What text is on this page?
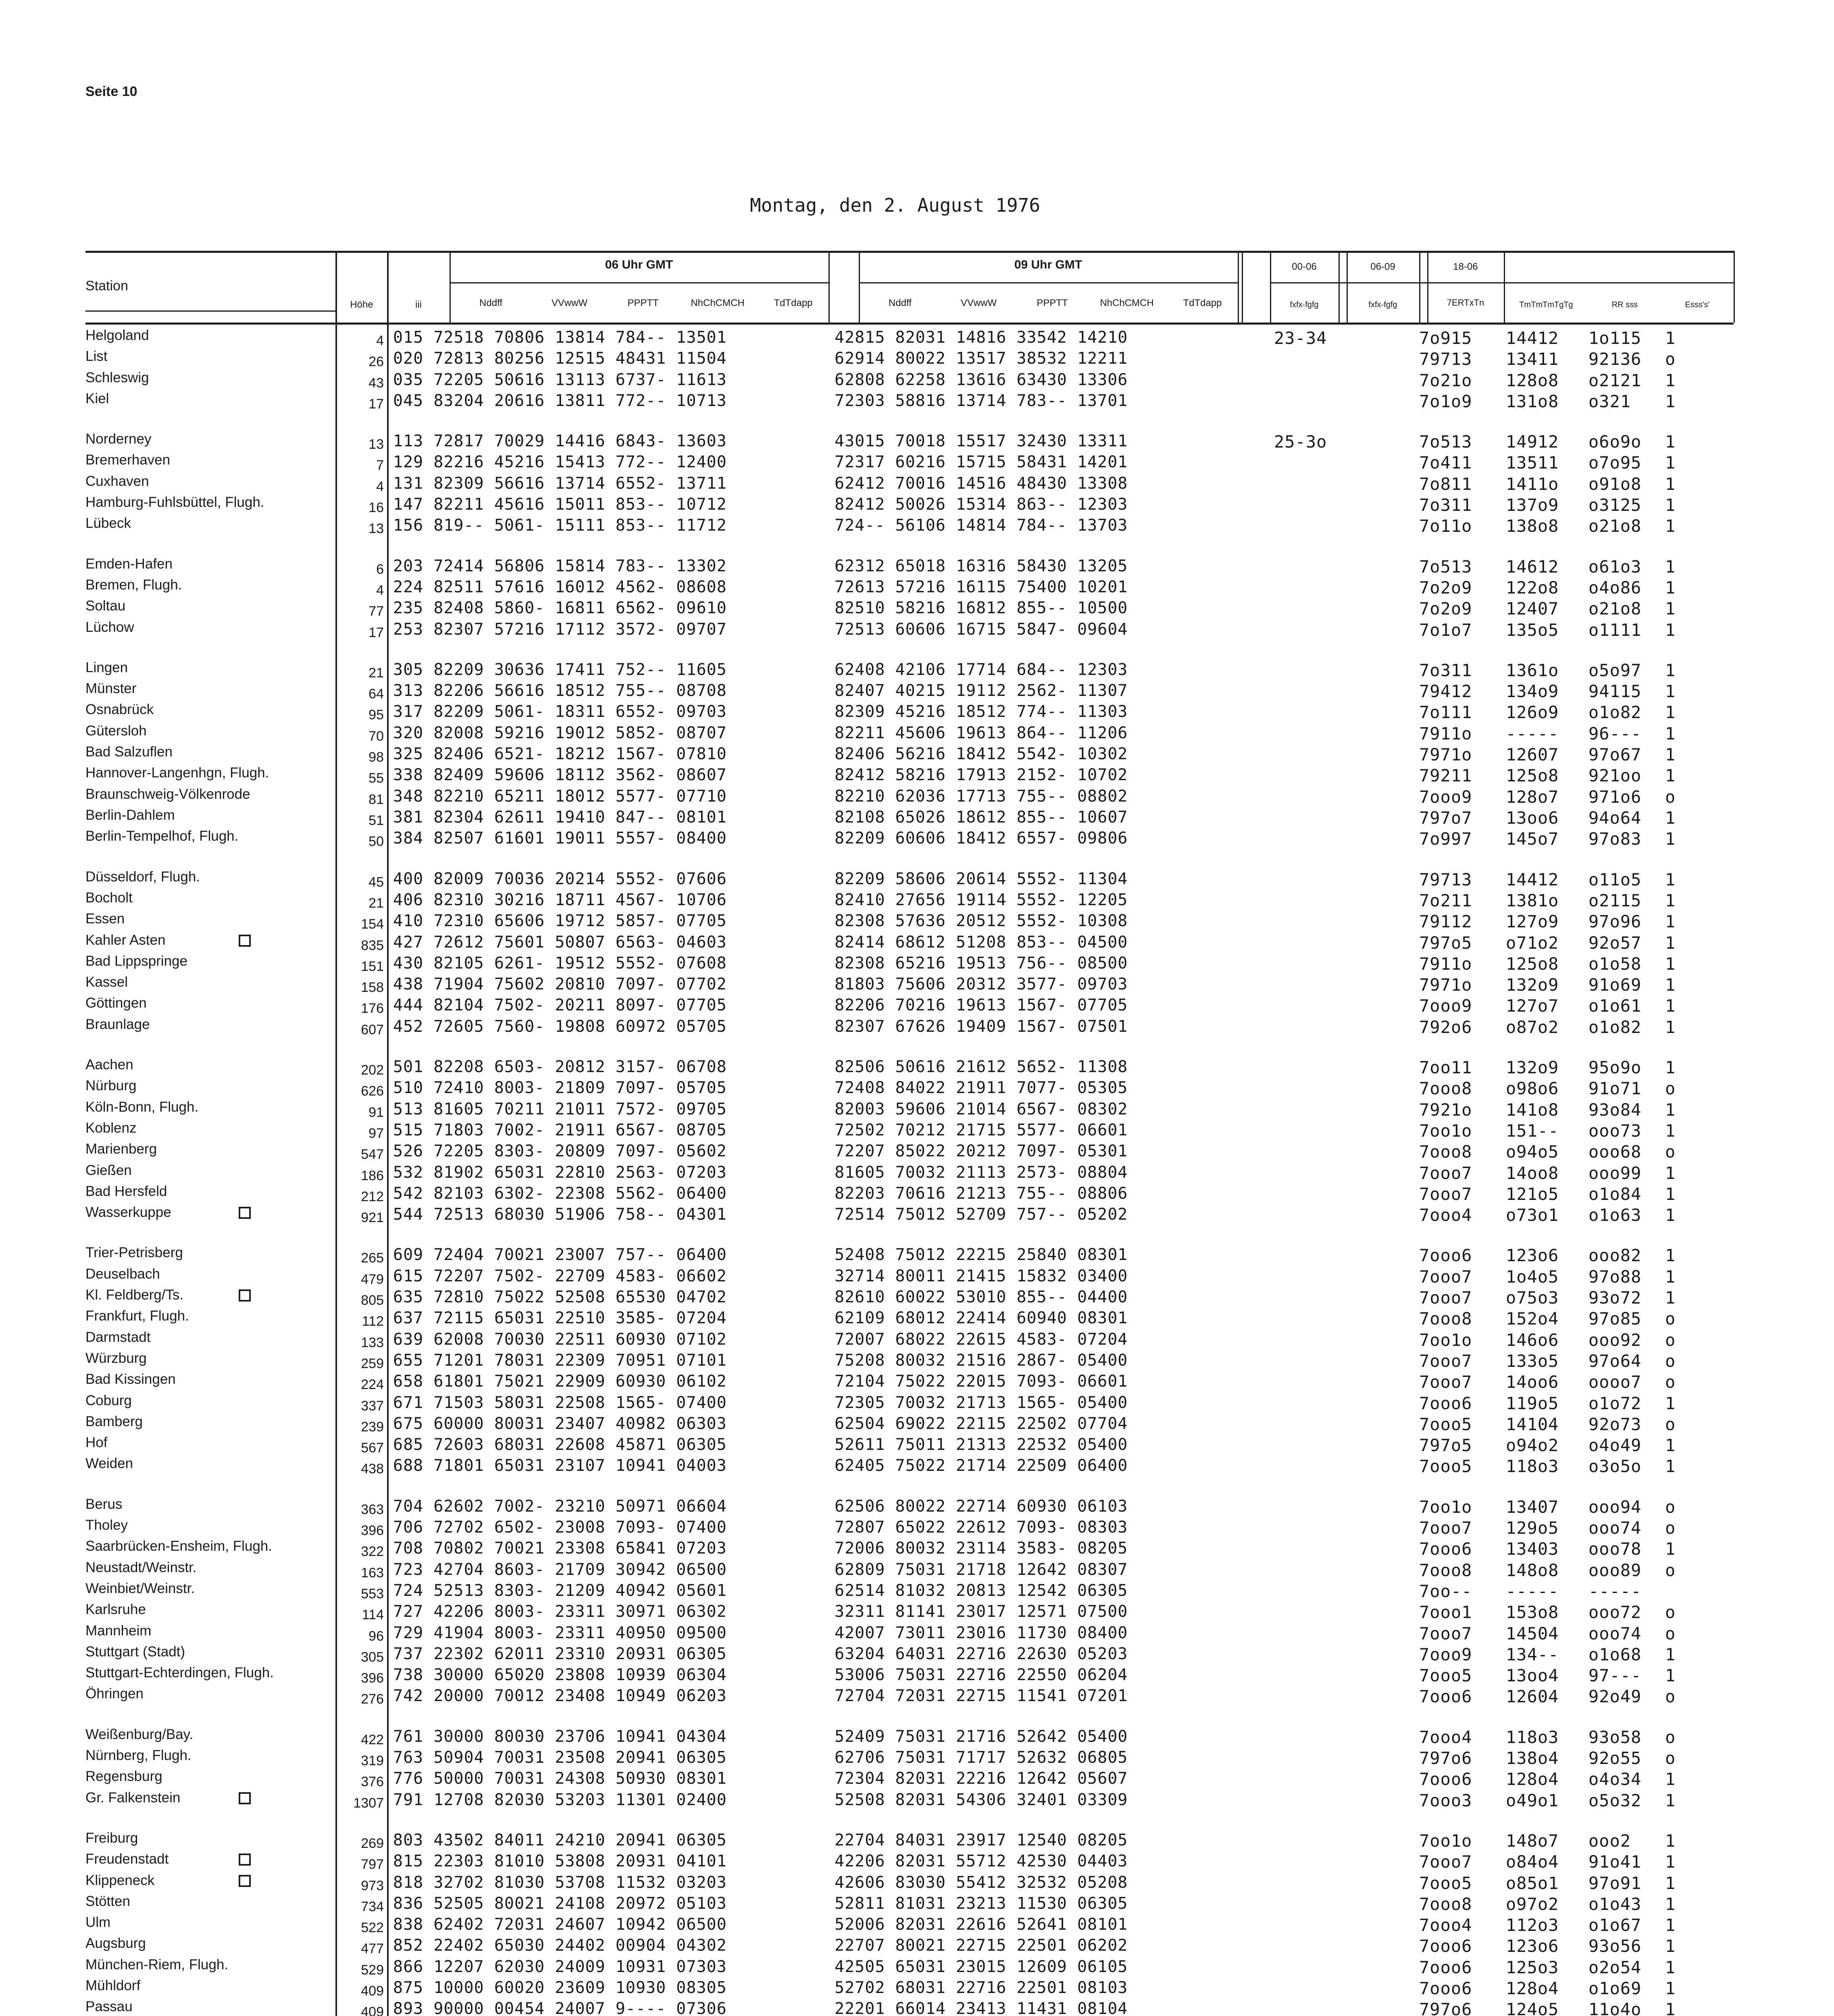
Seite 10
Montag, den 2. August 1976
Station
Höhe	iii
06 Uhr GMT
Nddff	VVwwW	PPPTT	NhChCMCH	TdTdapp
09 Uhr GMT
Nddff	VVwwW	PPPTT	NhChCMCH	TdTdapp
00-06	06-09	18-06
fxfx-fgfg	fxfx-fgfg	7ERTxTn	TmTmTmTgTg	RR sss	Esss's'
Helgoland	4 015 72518 70806 13814 784-- 13501	42815 82031 14816 33542 14210	23-34	7o915 14412 1o115 1
List	26 020 72813 80256 12515 48431 11504	62914 80022 13517 38532 12211	79713 13411 92136 o
Schleswig	43 035 72205 50616 13113 6737- 11613	62808 62258 13616 63430 13306	7o21o 128o8 o2121 1
Kiel	17 045 83204 20616 13811 772-- 10713	72303 58816 13714 783-- 13701	7o1o9 131o8 o321 1
Norderney	13 113 72817 70029 14416 6843- 13603	43015 70018 15517 32430 13311	25-3o	7o513 14912 o6o9o 1
Bremerhaven	7 129 82216 45216 15413 772-- 12400	72317 60216 15715 58431 14201	7o411 13511 o7o95 1
Cuxhaven	4 131 82309 56616 13714 6552- 13711	62412 70016 14516 48430 13308	7o811 1411o o91o8 1
Hamburg-Fuhlsbüttel, Flugh.	16 147 82211 45616 15011 853-- 10712	82412 50026 15314 863-- 12303	7o311 137o9 o3125 1
Lübeck	13 156 819-- 5061- 15111 853-- 11712	724-- 56106 14814 784-- 13703	7o11o 138o8 o21o8 1
Emden-Hafen	6 203 72414 56806 15814 783-- 13302	62312 65018 16316 58430 13205	7o513 14612 o61o3 1
Bremen, Flugh.	4 224 82511 57616 16012 4562- 08608	72613 57216 16115 75400 10201	7o2o9 122o8 o4o86 1
Soltau	77 235 82408 5860- 16811 6562- 09610	82510 58216 16812 855-- 10500	7o2o9 12407 o21o8 1
Lüchow	17 253 82307 57216 17112 3572- 09707	72513 60606 16715 5847- 09604	7o1o7 135o5 o1111 1
Lingen	21 305 82209 30636 17411 752-- 11605	62408 42106 17714 684-- 12303	7o311 1361o o5o97 1
Münster	64 313 82206 56616 18512 755-- 08708	82407 40215 19112 2562- 11307	79412 134o9 94115 1
Osnabrück	95 317 82209 5061- 18311 6552- 09703	82309 45216 18512 774-- 11303	7o111 126o9 o1o82 1
Gütersloh	70 320 82008 59216 19012 5852- 08707	82211 45606 19613 864-- 11206	7911o ----- 96--- 1
Bad Salzuflen	98 325 82406 6521- 18212 1567- 07810	82406 56216 18412 5542- 10302	7971o 12607 97o67 1
Hannover-Langenhgn, Flugh.	55 338 82409 59606 18112 3562- 08607	82412 58216 17913 2152- 10702	79211 125o8 921oo 1
Braunschweig-Völkenrode	81 348 82210 65211 18012 5577- 07710	82210 62036 17713 755-- 08802	7ooo9 128o7 971o6 o
Berlin-Dahlem	51 381 82304 62611 19410 847-- 08101	82108 65026 18612 855-- 10607	797o7 13oo6 94o64 1
Berlin-Tempelhof, Flugh.	50 384 82507 61601 19011 5557- 08400	82209 60606 18412 6557- 09806	7o997 145o7 97o83 1
Düsseldorf, Flugh.	45 400 82009 70036 20214 5552- 07606	82209 58606 20614 5552- 11304	79713 14412 o11o5 1
Bocholt	21 406 82310 30216 18711 4567- 10706	82410 27656 19114 5552- 12205	7o211 1381o o2115 1
Essen	154 410 72310 65606 19712 5857- 07705	82308 57636 20512 5552- 10308	79112 127o9 97o96 1
Kahler Asten	835 427 72612 75601 50807 6563- 04603	82414 68612 51208 853-- 04500	797o5 o71o2 92o57 1
Bad Lippspringe	151 430 82105 6261- 19512 5552- 07608	82308 65216 19513 756-- 08500	7911o 125o8 o1o58 1
Kassel	158 438 71904 75602 20810 7097- 07702	81803 75606 20312 3577- 09703	7971o 132o9 91o69 1
Göttingen	176 444 82104 7502- 20211 8097- 07705	82206 70216 19613 1567- 07705	7ooo9 127o7 o1o61 1
Braunlage	607 452 72605 7560- 19808 60972 05705	82307 67626 19409 1567- 07501	792o6 o87o2 o1o82 1
Aachen	202 501 82208 6503- 20812 3157- 06708	82506 50616 21612 5652- 11308	7oo11 132o9 95o9o 1
Nürburg	626 510 72410 8003- 21809 7097- 05705	72408 84022 21911 7077- 05305	7ooo8 o98o6 91o71 o
Köln-Bonn, Flugh.	91 513 81605 70211 21011 7572- 09705	82003 59606 21014 6567- 08302	7921o 141o8 93o84 1
Koblenz	97 515 71803 7002- 21911 6567- 08705	72502 70212 21715 5577- 06601	7oo1o 151-- ooo73 1
Marienberg	547 526 72205 8303- 20809 7097- 05602	72207 85022 20212 7097- 05301	7ooo8 o94o5 ooo68 o
Gießen	186 532 81902 65031 22810 2563- 07203	81605 70032 21113 2573- 08804	7ooo7 14oo8 ooo99 1
Bad Hersfeld	212 542 82103 6302- 22308 5562- 06400	82203 70616 21213 755-- 08806	7ooo7 121o5 o1o84 1
Wasserkuppe	921 544 72513 68030 51906 758-- 04301	72514 75012 52709 757-- 05202	7ooo4 o73o1 o1o63 1
Trier-Petrisberg	265 609 72404 70021 23007 757-- 06400	52408 75012 22215 25840 08301	7ooo6 123o6 ooo82 1
Deuselbach	479 615 72207 7502- 22709 4583- 06602	32714 80011 21415 15832 03400	7ooo7 1o4o5 97o88 1
Kl. Feldberg/Ts.	805 635 72810 75022 52508 65530 04702	82610 60022 53010 855-- 04400	7ooo7 o75o3 93o72 1
Frankfurt, Flugh.	112 637 72115 65031 22510 3585- 07204	62109 68012 22414 60940 08301	7ooo8 152o4 97o85 o
Darmstadt	133 639 62008 70030 22511 60930 07102	72007 68022 22615 4583- 07204	7oo1o 146o6 ooo92 o
Würzburg	259 655 71201 78031 22309 70951 07101	75208 80032 21516 2867- 05400	7ooo7 133o5 97o64 o
Bad Kissingen	224 658 61801 75021 22909 60930 06102	72104 75022 22015 7093- 06601	7ooo7 14oo6 oooo7 o
Coburg	337 671 71503 58031 22508 1565- 07400	72305 70032 21713 1565- 05400	7ooo6 119o5 o1o72 1
Bamberg	239 675 60000 80031 23407 40982 06303	62504 69022 22115 22502 07704	7ooo5 14104 92o73 o
Hof	567 685 72603 68031 22608 45871 06305	52611 75011 21313 22532 05400	797o5 o94o2 o4o49 1
Weiden	438 688 71801 65031 23107 10941 04003	62405 75022 21714 22509 06400	7ooo5 118o3 o3o5o 1
Berus	363 704 62602 7002- 23210 50971 06604	62506 80022 22714 60930 06103	7oo1o 13407 ooo94 o
Tholey	396 706 72702 6502- 23008 7093- 07400	72807 65022 22612 7093- 08303	7ooo7 129o5 ooo74 o
Saarbrücken-Ensheim, Flugh.	322 708 70802 70021 23308 65841 07203	72006 80032 23114 3583- 08205	7ooo6 13403 ooo78 1
Neustadt/Weinstr.	163 723 42704 8603- 21709 30942 06500	62809 75031 21718 12642 08307	7ooo8 148o8 ooo89 o
Weinbiet/Weinstr.	553 724 52513 8303- 21209 40942 05601	62514 81032 20813 12542 06305	7oo-- ----- -----
Karlsruhe	114 727 42206 8003- 23311 30971 06302	32311 81141 23017 12571 07500	7ooo1 153o8 ooo72 o
Mannheim	96 729 41904 8003- 23311 40950 09500	42007 73011 23016 11730 08400	7ooo7 14504 ooo74 o
Stuttgart (Stadt)	305 737 22302 62011 23310 20931 06305	63204 64031 22716 22630 05203	7ooo9 134-- o1o68 1
Stuttgart-Echterdingen, Flugh.	396 738 30000 65020 23808 10939 06304	53006 75031 22716 22550 06204	7ooo5 13oo4 97--- 1
Öhringen	276 742 20000 70012 23408 10949 06203	72704 72031 22715 11541 07201	7ooo6 12604 92o49 o
Weißenburg/Bay.	422 761 30000 80030 23706 10941 04304	52409 75031 21716 52642 05400	7ooo4 118o3 93o58 o
Nürnberg, Flugh.	319 763 50904 70031 23508 20941 06305	62706 75031 71717 52632 06805	797o6 138o4 92o55 o
Regensburg	376 776 50000 70031 24308 50930 08301	72304 82031 22216 12642 05607	7ooo6 128o4 o4o34 1
Gr. Falkenstein	1307 791 12708 82030 53203 11301 02400	52508 82031 54306 32401 03309	7ooo3 o49o1 o5o32 1
Freiburg	269 803 43502 84011 24210 20941 06305	22704 84031 23917 12540 08205	7oo1o 148o7 ooo2 1
Freudenstadt	797 815 22303 81010 53808 20931 04101	42206 82031 55712 42530 04403	7ooo7 o84o4 91o41 1
Klippeneck	973 818 32702 81030 53708 11532 03203	42606 83030 55412 32532 05208	7ooo5 o85o1 97o91 1
Stötten	734 836 52505 80021 24108 20972 05103	52811 81031 23213 11530 06305	7ooo8 o97o2 o1o43 1
Ulm	522 838 62402 72031 24607 10942 06500	52006 82031 22616 52641 08101	7ooo4 112o3 o1o67 1
Augsburg	477 852 22402 65030 24402 00904 04302	22707 80021 22715 22501 06202	7ooo6 123o6 93o56 1
München-Riem, Flugh.	529 866 12207 62030 24009 10931 07303	42505 65031 23015 12609 06105	7ooo6 125o3 o2o54 1
Mühldorf	409 875 10000 60020 23609 10930 08305	52702 68031 22716 22501 08103	7ooo6 128o4 o1o69 1
Passau	409 893 90000 00454 24007 9---- 07306	22201 66014 23413 11431 08104	797o6 124o5 11o4o 1
